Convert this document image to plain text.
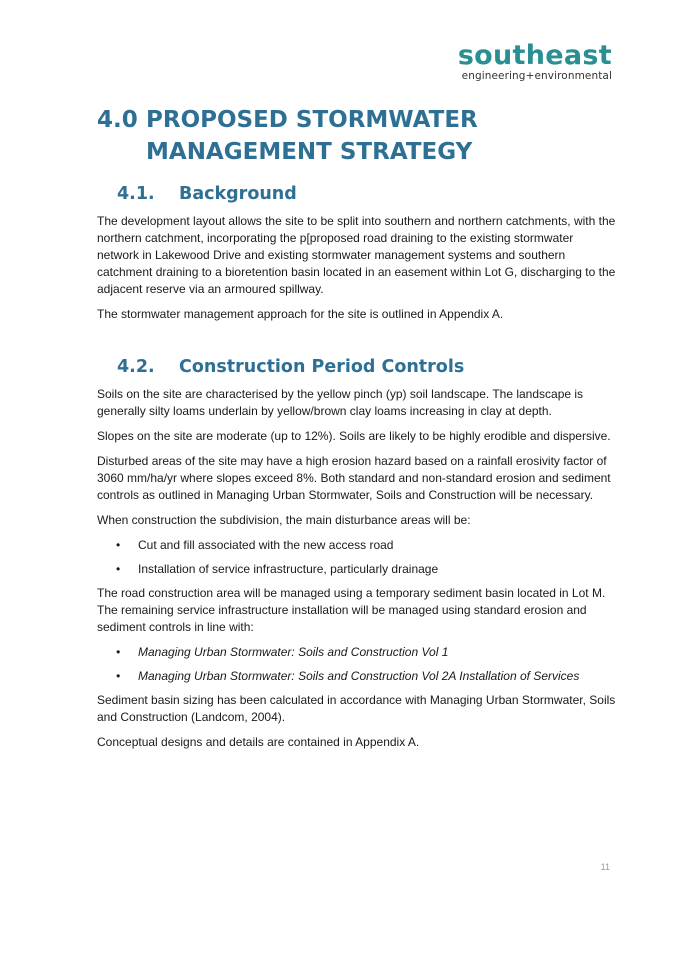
southeast
engineering+environmental
4.0 PROPOSED STORMWATER
MANAGEMENT STRATEGY
4.1. Background

The development layout allows the site to be split into southern and northern catchments, with the northern catchment, incorporating the p[proposed road draining to the existing stormwater network in Lakewood Drive and existing stormwater management systems and southern catchment draining to a bioretention basin located in an easement within Lot G, discharging to the adjacent reserve via an armoured spillway.

The stormwater management approach for the site is outlined in Appendix A.

4.2. Construction Period Controls

Soils on the site are characterised by the yellow pinch (yp) soil landscape. The landscape is generally silty loams underlain by yellow/brown clay loams increasing in clay at depth.

Slopes on the site are moderate (up to 12%). Soils are likely to be highly erodible and dispersive.

Disturbed areas of the site may have a high erosion hazard based on a rainfall erosivity factor of 3060 mm/ha/yr where slopes exceed 8%. Both standard and non-standard erosion and sediment controls as outlined in Managing Urban Stormwater, Soils and Construction will be necessary.

When construction the subdivision, the main disturbance areas will be:

• Cut and fill associated with the new access road
• Installation of service infrastructure, particularly drainage

The road construction area will be managed using a temporary sediment basin located in Lot M. The remaining service infrastructure installation will be managed using standard erosion and sediment controls in line with:

• Managing Urban Stormwater: Soils and Construction Vol 1
• Managing Urban Stormwater: Soils and Construction Vol 2A Installation of Services

Sediment basin sizing has been calculated in accordance with Managing Urban Stormwater, Soils and Construction (Landcom, 2004).

Conceptual designs and details are contained in Appendix A.

11
